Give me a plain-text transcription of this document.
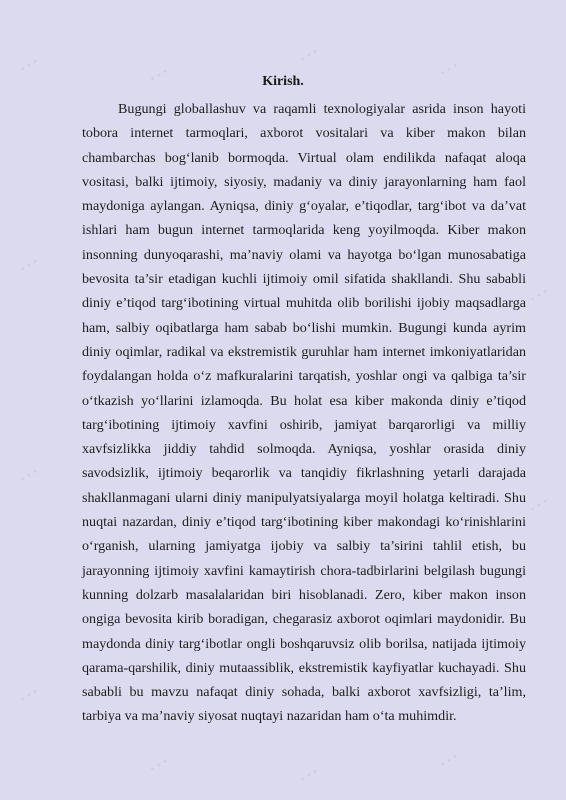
▪ ▪ ▪
▪ ▪ ▪
▪ ▪ ▪
▪ ▪ ▪
▪ ▪ ▪
▪ ▪ ▪
▪ ▪ ▪
▪ ▪ ▪
▪ ▪ ▪
▪ ▪ ▪
▪ ▪ ▪
▪ ▪ ▪
Kirish.

Bugungi globallashuv va raqamli texnologiyalar asrida inson hayoti tobora internet tarmoqlari, axborot vositalari va kiber makon bilan chambarchas bog‘lanib bormoqda. Virtual olam endilikda nafaqat aloqa vositasi, balki ijtimoiy, siyosiy, madaniy va diniy jarayonlarning ham faol maydoniga aylangan. Ayniqsa, diniy g‘oyalar, e’tiqodlar, targ‘ibot va da’vat ishlari ham bugun internet tarmoqlarida keng yoyilmoqda. Kiber makon insonning dunyoqarashi, ma’naviy olami va hayotga bo‘lgan munosabatiga bevosita ta’sir etadigan kuchli ijtimoiy omil sifatida shakllandi. Shu sababli diniy e’tiqod targ‘ibotining virtual muhitda olib borilishi ijobiy maqsadlarga ham, salbiy oqibatlarga ham sabab bo‘lishi mumkin. Bugungi kunda ayrim diniy oqimlar, radikal va ekstremistik guruhlar ham internet imkoniyatlaridan foydalangan holda o‘z mafkuralarini tarqatish, yoshlar ongi va qalbiga ta’sir o‘tkazish yo‘llarini izlamoqda. Bu holat esa kiber makonda diniy e’tiqod targ‘ibotining ijtimoiy xavfini oshirib, jamiyat barqarorligi va milliy xavfsizlikka jiddiy tahdid solmoqda. Ayniqsa, yoshlar orasida diniy savodsizlik, ijtimoiy beqarorlik va tanqidiy fikrlashning yetarli darajada shakllanmagani ularni diniy manipulyatsiyalarga moyil holatga keltiradi. Shu nuqtai nazardan, diniy e’tiqod targ‘ibotining kiber makondagi ko‘rinishlarini o‘rganish, ularning jamiyatga ijobiy va salbiy ta’sirini tahlil etish, bu jarayonning ijtimoiy xavfini kamaytirish chora-tadbirlarini belgilash bugungi kunning dolzarb masalalaridan biri hisoblanadi. Zero, kiber makon inson ongiga bevosita kirib boradigan, chegarasiz axborot oqimlari maydonidir. Bu maydonda diniy targ‘ibotlar ongli boshqaruvsiz olib borilsa, natijada ijtimoiy qarama-qarshilik, diniy mutaassiblik, ekstremistik kayfiyatlar kuchayadi. Shu sababli bu mavzu nafaqat diniy sohada, balki axborot xavfsizligi, ta’lim, tarbiya va ma’naviy siyosat nuqtayi nazaridan ham o‘ta muhimdir.
